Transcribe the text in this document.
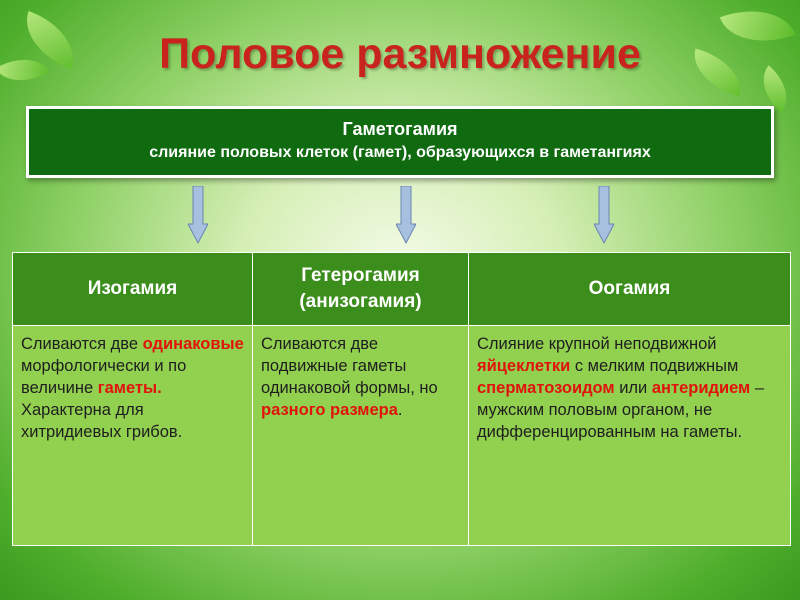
Половое размножение
Гаметогамия
слияние половых клеток (гамет), образующихся в гаметангиях
Изогамия	Гетерогамия (анизогамия)	Оогамия
Сливаются две одинаковые морфологически и по величине гаметы. Характерна для хитридиевых грибов.	Сливаются две подвижные гаметы одинаковой формы, но разного размера.	Слияние крупной неподвижной яйцеклетки с мелким подвижным сперматозоидом или антеридием – мужским половым органом, не дифференцированным на гаметы.
